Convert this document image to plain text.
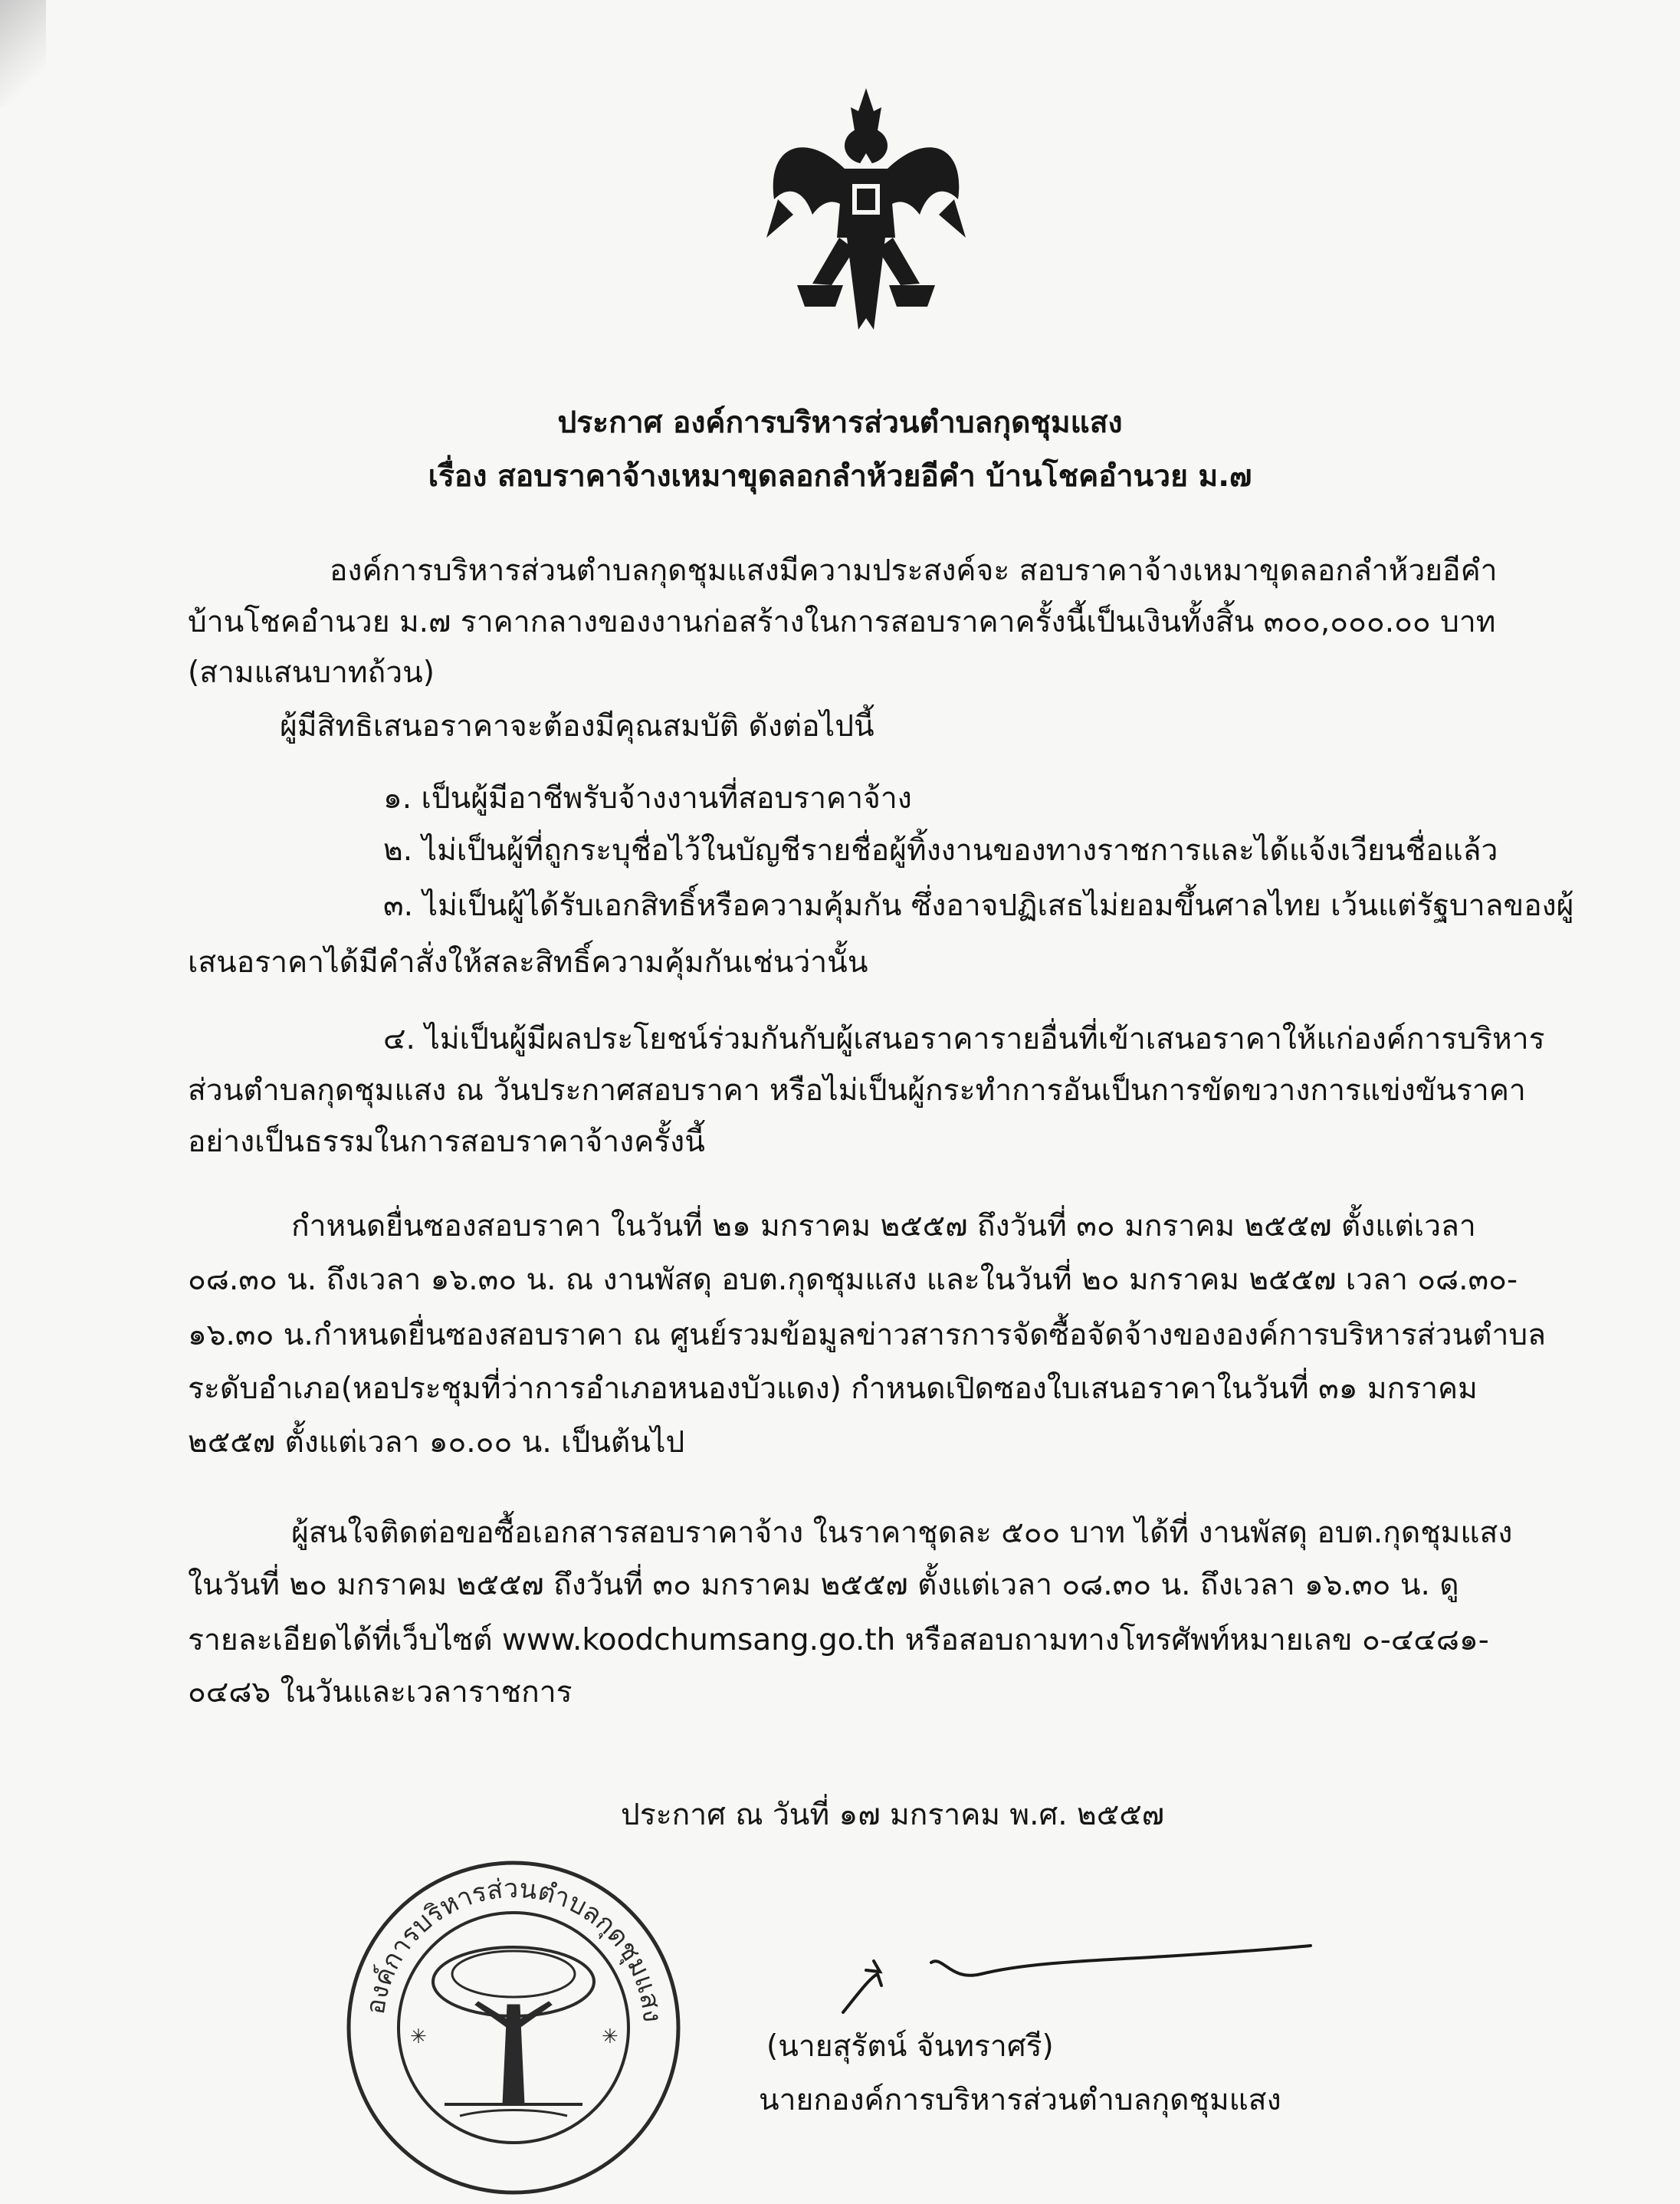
ประกาศ องค์การบริหารส่วนตำบลกุดชุมแสง
เรื่อง สอบราคาจ้างเหมาขุดลอกลำห้วยอีคำ บ้านโชคอำนวย ม.๗
องค์การบริหารส่วนตำบลกุดชุมแสงมีความประสงค์จะ สอบราคาจ้างเหมาขุดลอกลำห้วยอีคำ
บ้านโชคอำนวย ม.๗ ราคากลางของงานก่อสร้างในการสอบราคาครั้งนี้เป็นเงินทั้งสิ้น ๓๐๐,๐๐๐.๐๐ บาท
(สามแสนบาทถ้วน)
ผู้มีสิทธิเสนอราคาจะต้องมีคุณสมบัติ ดังต่อไปนี้
๑. เป็นผู้มีอาชีพรับจ้างงานที่สอบราคาจ้าง
๒. ไม่เป็นผู้ที่ถูกระบุชื่อไว้ในบัญชีรายชื่อผู้ทิ้งงานของทางราชการและได้แจ้งเวียนชื่อแล้ว
๓. ไม่เป็นผู้ได้รับเอกสิทธิ์หรือความคุ้มกัน ซึ่งอาจปฏิเสธไม่ยอมขึ้นศาลไทย เว้นแต่รัฐบาลของผู้
เสนอราคาได้มีคำสั่งให้สละสิทธิ์ความคุ้มกันเช่นว่านั้น
๔. ไม่เป็นผู้มีผลประโยชน์ร่วมกันกับผู้เสนอราคารายอื่นที่เข้าเสนอราคาให้แก่องค์การบริหาร
ส่วนตำบลกุดชุมแสง ณ วันประกาศสอบราคา หรือไม่เป็นผู้กระทำการอันเป็นการขัดขวางการแข่งขันราคา
อย่างเป็นธรรมในการสอบราคาจ้างครั้งนี้
กำหนดยื่นซองสอบราคา ในวันที่ ๒๑ มกราคม ๒๕๕๗ ถึงวันที่ ๓๐ มกราคม ๒๕๕๗ ตั้งแต่เวลา
๐๘.๓๐ น. ถึงเวลา ๑๖.๓๐ น. ณ งานพัสดุ อบต.กุดชุมแสง และในวันที่ ๒๐ มกราคม ๒๕๕๗ เวลา ๐๘.๓๐-
๑๖.๓๐ น.กำหนดยื่นซองสอบราคา ณ ศูนย์รวมข้อมูลข่าวสารการจัดซื้อจัดจ้างขององค์การบริหารส่วนตำบล
ระดับอำเภอ(หอประชุมที่ว่าการอำเภอหนองบัวแดง) กำหนดเปิดซองใบเสนอราคาในวันที่ ๓๑ มกราคม
๒๕๕๗ ตั้งแต่เวลา ๑๐.๐๐ น. เป็นต้นไป
ผู้สนใจติดต่อขอซื้อเอกสารสอบราคาจ้าง ในราคาชุดละ ๕๐๐ บาท ได้ที่ งานพัสดุ อบต.กุดชุมแสง
ในวันที่ ๒๐ มกราคม ๒๕๕๗ ถึงวันที่ ๓๐ มกราคม ๒๕๕๗ ตั้งแต่เวลา ๐๘.๓๐ น. ถึงเวลา ๑๖.๓๐ น. ดู
รายละเอียดได้ที่เว็บไซต์ www.koodchumsang.go.th หรือสอบถามทางโทรศัพท์หมายเลข ๐-๔๔๘๑-
๐๔๘๖ ในวันและเวลาราชการ
ประกาศ ณ วันที่ ๑๗ มกราคม พ.ศ. ๒๕๕๗
องค์การบริหารส่วนตำบลกุดชุมแสง
✳	✳	(นายสุรัตน์ จันทราศรี)
นายกองค์การบริหารส่วนตำบลกุดชุมแสง
